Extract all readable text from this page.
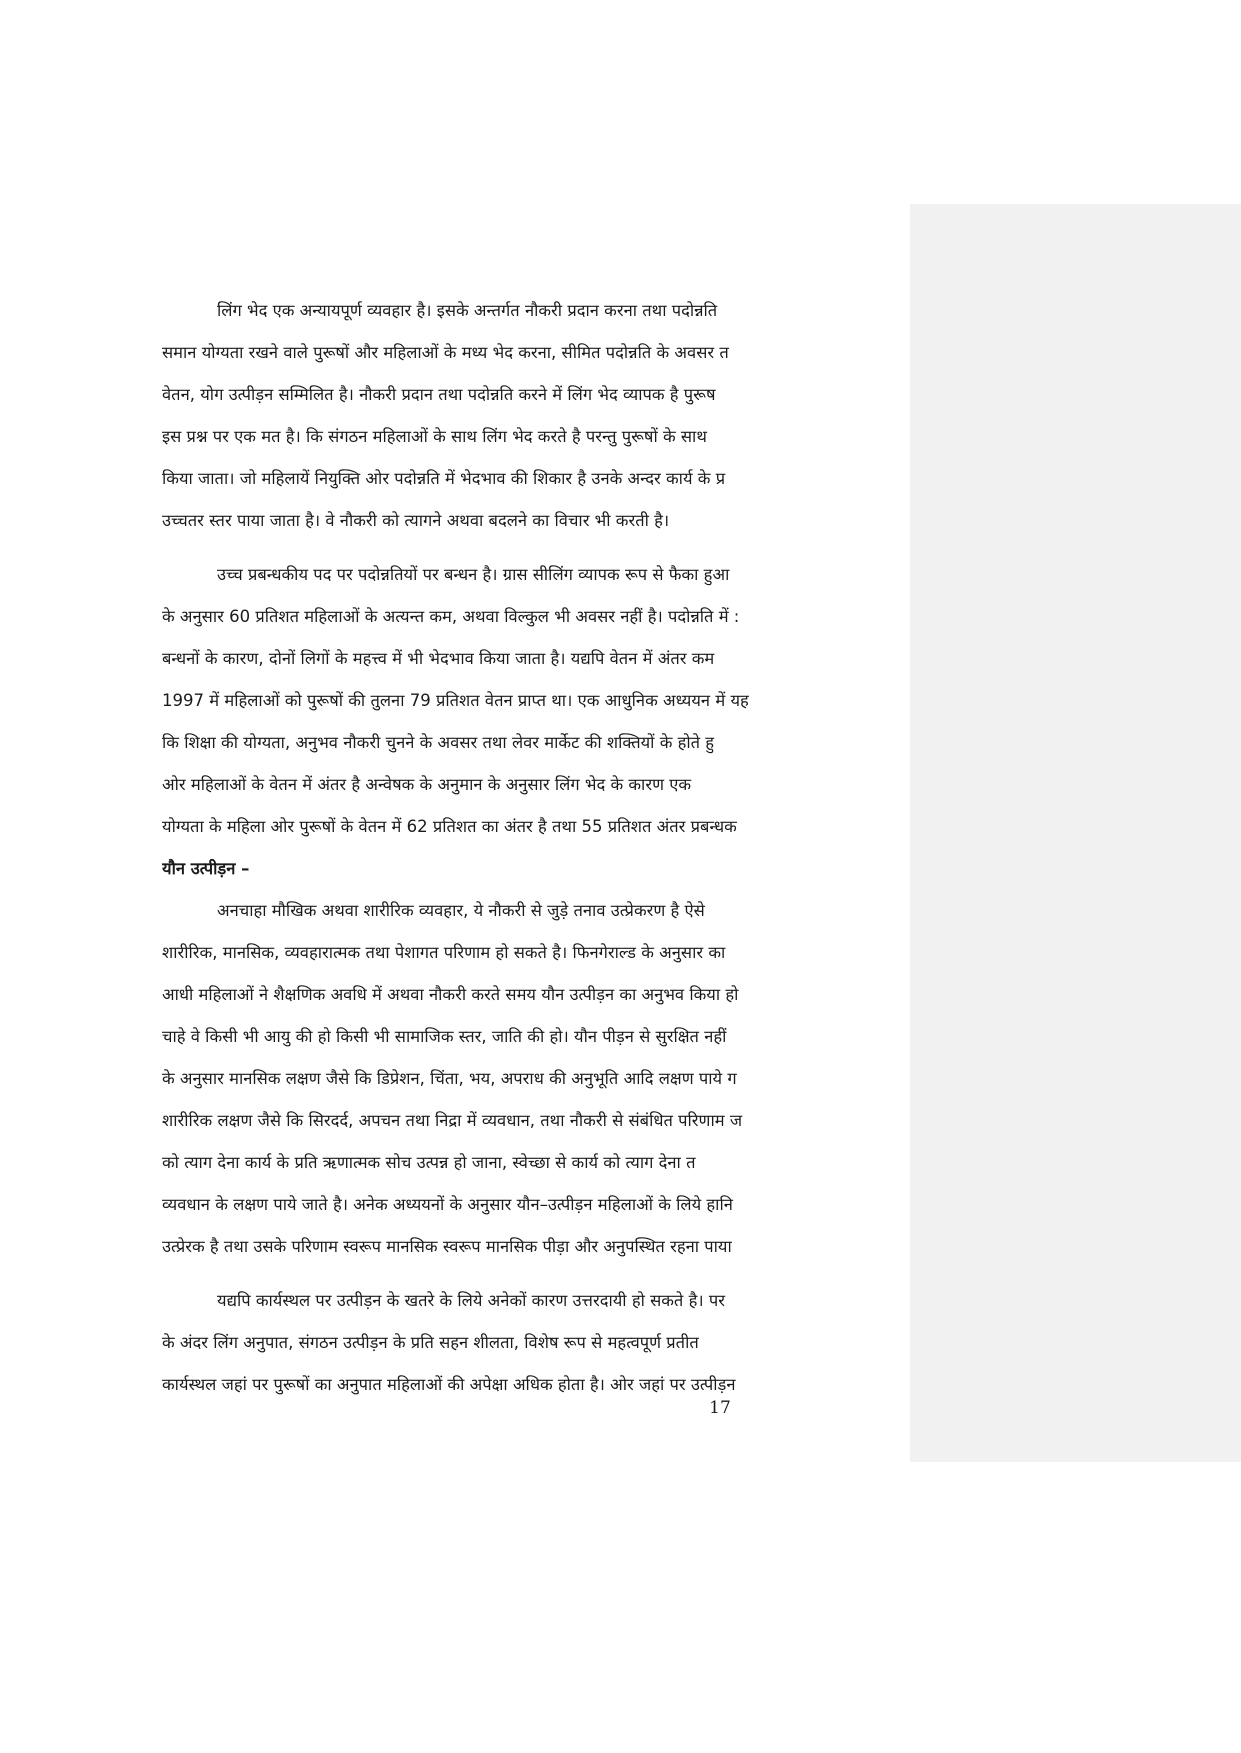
लिंग भेद एक अन्यायपूर्ण व्यवहार है। इसके अन्तर्गत नौकरी प्रदान करना तथा पदोन्नति
समान योग्यता रखने वाले पुरूषों और महिलाओं के मध्य भेद करना, सीमित पदोन्नति के अवसर त
वेतन, योग उत्पीड़न सम्मिलित है। नौकरी प्रदान तथा पदोन्नति करने में लिंग भेद व्यापक है पुरूष
इस प्रश्न पर एक मत है। कि संगठन महिलाओं के साथ लिंग भेद करते है परन्तु पुरूषों के साथ
किया जाता। जो महिलायें नियुक्ति ओर पदोन्नति में भेदभाव की शिकार है उनके अन्दर कार्य के प्र
उच्चतर स्तर पाया जाता है। वे नौकरी को त्यागने अथवा बदलने का विचार भी करती है।
उच्च प्रबन्धकीय पद पर पदोन्नतियों पर बन्धन है। ग्रास सीलिंग व्यापक रूप से फैका हुआ
के अनुसार 60 प्रतिशत महिलाओं के अत्यन्त कम, अथवा विल्कुल भी अवसर नहीं है। पदोन्नति में :
बन्धनों के कारण, दोनों लिगों के महत्त्व में भी भेदभाव किया जाता है। यद्यपि वेतन में अंतर कम
1997 में महिलाओं को पुरूषों की तुलना 79 प्रतिशत वेतन प्राप्त था। एक आधुनिक अध्ययन में यह
कि शिक्षा की योग्यता, अनुभव नौकरी चुनने के अवसर तथा लेवर मार्केट की शक्तियों के होते हु
ओर महिलाओं के वेतन में अंतर है अन्वेषक के अनुमान के अनुसार लिंग भेद के कारण एक
योग्यता के महिला ओर पुरूषों के वेतन में 62 प्रतिशत का अंतर है तथा 55 प्रतिशत अंतर प्रबन्धक
यौन उत्पीड़न –
अनचाहा मौखिक अथवा शारीरिक व्यवहार, ये नौकरी से जुड़े तनाव उत्प्रेकरण है ऐसे
शारीरिक, मानसिक, व्यवहारात्मक तथा पेशागत परिणाम हो सकते है। फिनगेराल्ड के अनुसार का
आधी महिलाओं ने शैक्षणिक अवधि में अथवा नौकरी करते समय यौन उत्पीड़न का अनुभव किया हो
चाहे वे किसी भी आयु की हो किसी भी सामाजिक स्तर, जाति की हो। यौन पीड़न से सुरक्षित नहीं
के अनुसार मानसिक लक्षण जैसे कि डिप्रेशन, चिंता, भय, अपराध की अनुभूति आदि लक्षण पाये ग
शारीरिक लक्षण जैसे कि सिरदर्द, अपचन तथा निद्रा में व्यवधान, तथा नौकरी से संबंधित परिणाम ज
को त्याग देना कार्य के प्रति ऋणात्मक सोच उत्पन्न हो जाना, स्वेच्छा से कार्य को त्याग देना त
व्यवधान के लक्षण पाये जाते है। अनेक अध्ययनों के अनुसार यौन–उत्पीड़न महिलाओं के लिये हानि
उत्प्रेरक है तथा उसके परिणाम स्वरूप मानसिक स्वरूप मानसिक पीड़ा और अनुपस्थित रहना पाया
यद्यपि कार्यस्थल पर उत्पीड़न के खतरे के लिये अनेकों कारण उत्तरदायी हो सकते है। पर
के अंदर लिंग अनुपात, संगठन उत्पीड़न के प्रति सहन शीलता, विशेष रूप से महत्वपूर्ण प्रतीत
कार्यस्थल जहां पर पुरूषों का अनुपात महिलाओं की अपेक्षा अधिक होता है। ओर जहां पर उत्पीड़न
17
